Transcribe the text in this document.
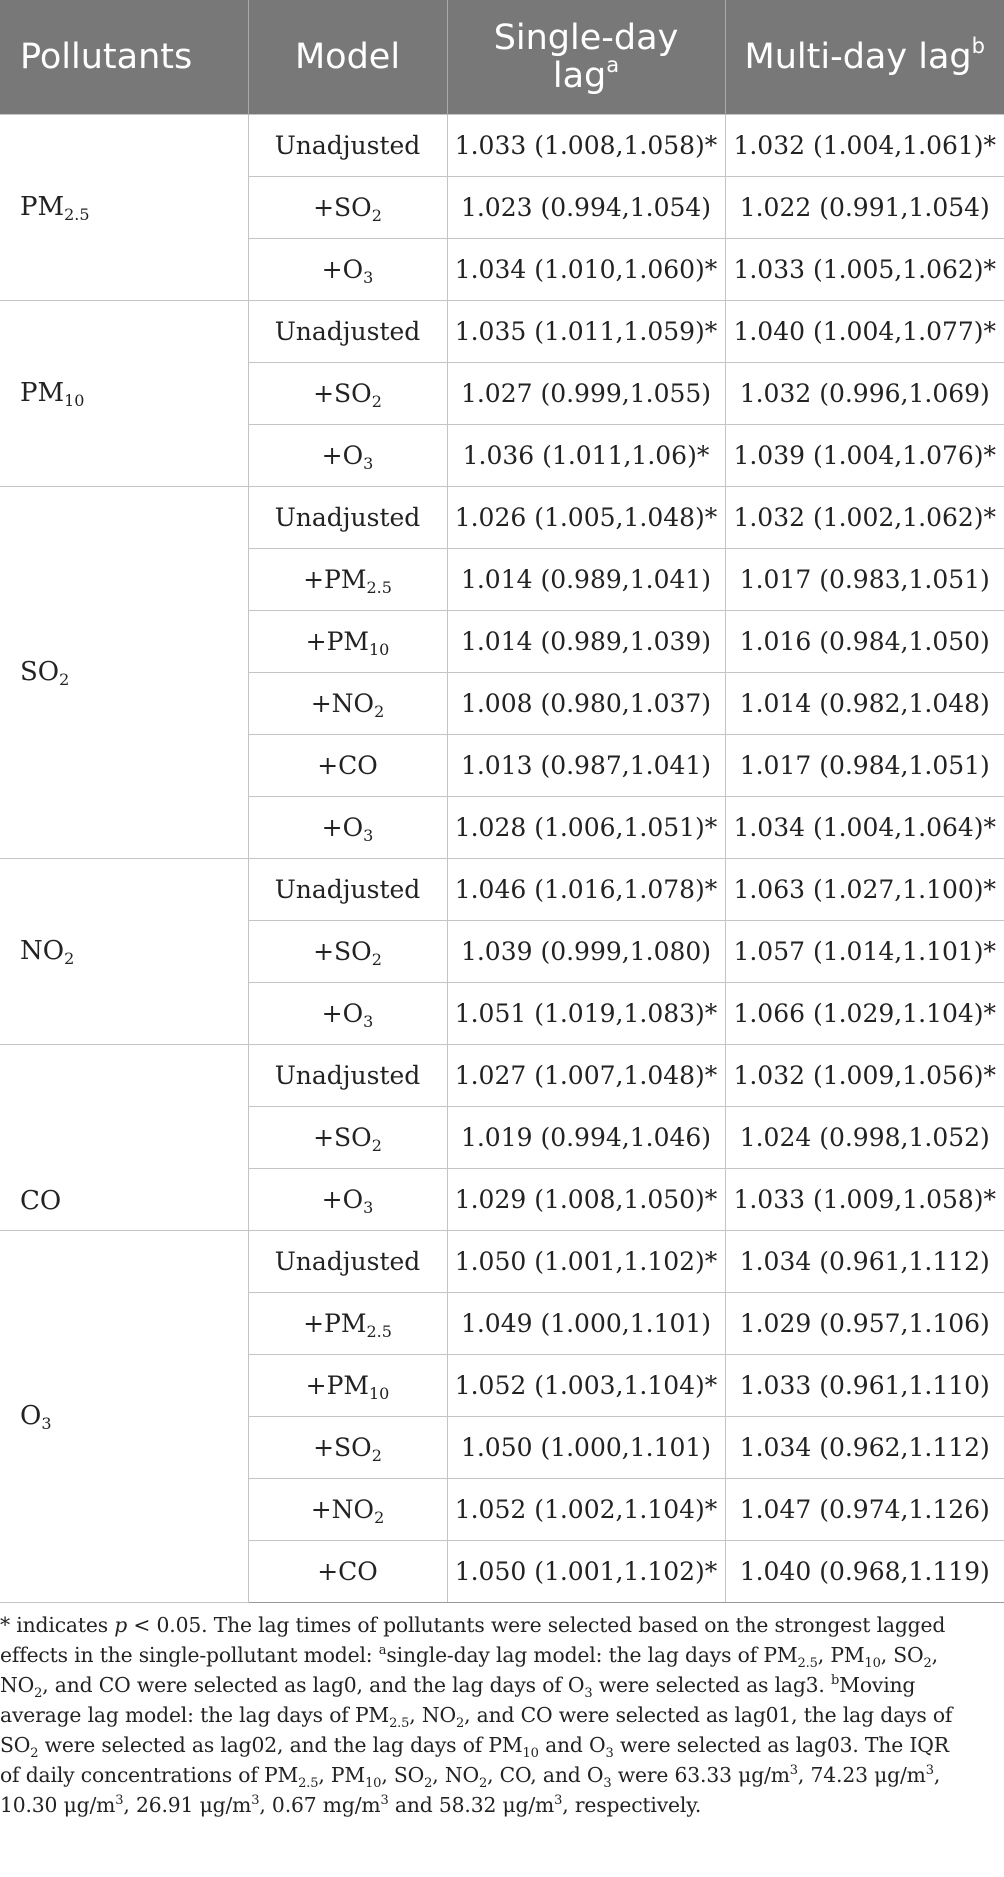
Pollutants	Model	Single-day lag$^a$	Multi-day lag$^b$
$PM_{2.5}$	Unadjusted	1.033 (1.008,1.058)*	1.032 (1.004,1.061)*
	$+SO_2$	1.023 (0.994,1.054)	1.022 (0.991,1.054)
	$+O_3$	1.034 (1.010,1.060)*	1.033 (1.005,1.062)*
$PM_{10}$	Unadjusted	1.035 (1.011,1.059)*	1.040 (1.004,1.077)*
	$+SO_2$	1.027 (0.999,1.055)	1.032 (0.996,1.069)
	$+O_3$	1.036 (1.011,1.06)*	1.039 (1.004,1.076)*
$SO_2$	Unadjusted	1.026 (1.005,1.048)*	1.032 (1.002,1.062)*
	$+PM_{2.5}$	1.014 (0.989,1.041)	1.017 (0.983,1.051)
	$+PM_{10}$	1.014 (0.989,1.039)	1.016 (0.984,1.050)
	$+NO_2$	1.008 (0.980,1.037)	1.014 (0.982,1.048)
	+CO	1.013 (0.987,1.041)	1.017 (0.984,1.051)
	$+O_3$	1.028 (1.006,1.051)*	1.034 (1.004,1.064)*
$NO_2$	Unadjusted	1.046 (1.016,1.078)*	1.063 (1.027,1.100)*
	$+SO_2$	1.039 (0.999,1.080)	1.057 (1.014,1.101)*
	$+O_3$	1.051 (1.019,1.083)*	1.066 (1.029,1.104)*
CO	Unadjusted	1.027 (1.007,1.048)*	1.032 (1.009,1.056)*
	$+SO_2$	1.019 (0.994,1.046)	1.024 (0.998,1.052)
	$+O_3$	1.029 (1.008,1.050)*	1.033 (1.009,1.058)*
$O_3$	Unadjusted	1.050 (1.001,1.102)*	1.034 (0.961,1.112)
	$+PM_{2.5}$	1.049 (1.000,1.101)	1.029 (0.957,1.106)
	$+PM_{10}$	1.052 (1.003,1.104)*	1.033 (0.961,1.110)
	$+SO_2$	1.050 (1.000,1.101)	1.034 (0.962,1.112)
	$+NO_2$	1.052 (1.002,1.104)*	1.047 (0.974,1.126)
	+CO	1.050 (1.001,1.102)*	1.040 (0.968,1.119)
* indicates p < 0.05. The lag times of pollutants were selected based on the strongest lagged
effects in the single-pollutant model: $^a$single-day lag model: the lag days of $PM_{2.5}$, $PM_{10}$, $SO_2$,
$NO_2$, and CO were selected as lag0, and the lag days of $O_3$ were selected as lag3. $^b$Moving
average lag model: the lag days of $PM_{2.5}$, $NO_2$, and CO were selected as lag01, the lag days of
$SO_2$ were selected as lag02, and the lag days of $PM_{10}$ and $O_3$ were selected as lag03. The IQR
of daily concentrations of $PM_{2.5}$, $PM_{10}$, $SO_2$, $NO_2$, CO, and $O_3$ were 63.33 $\mu g/m^3$, 74.23 $\mu g/m^3$,
10.30 $\mu g/m^3$, 26.91 $\mu g/m^3$, 0.67 $mg/m^3$ and 58.32 $\mu g/m^3$, respectively.
